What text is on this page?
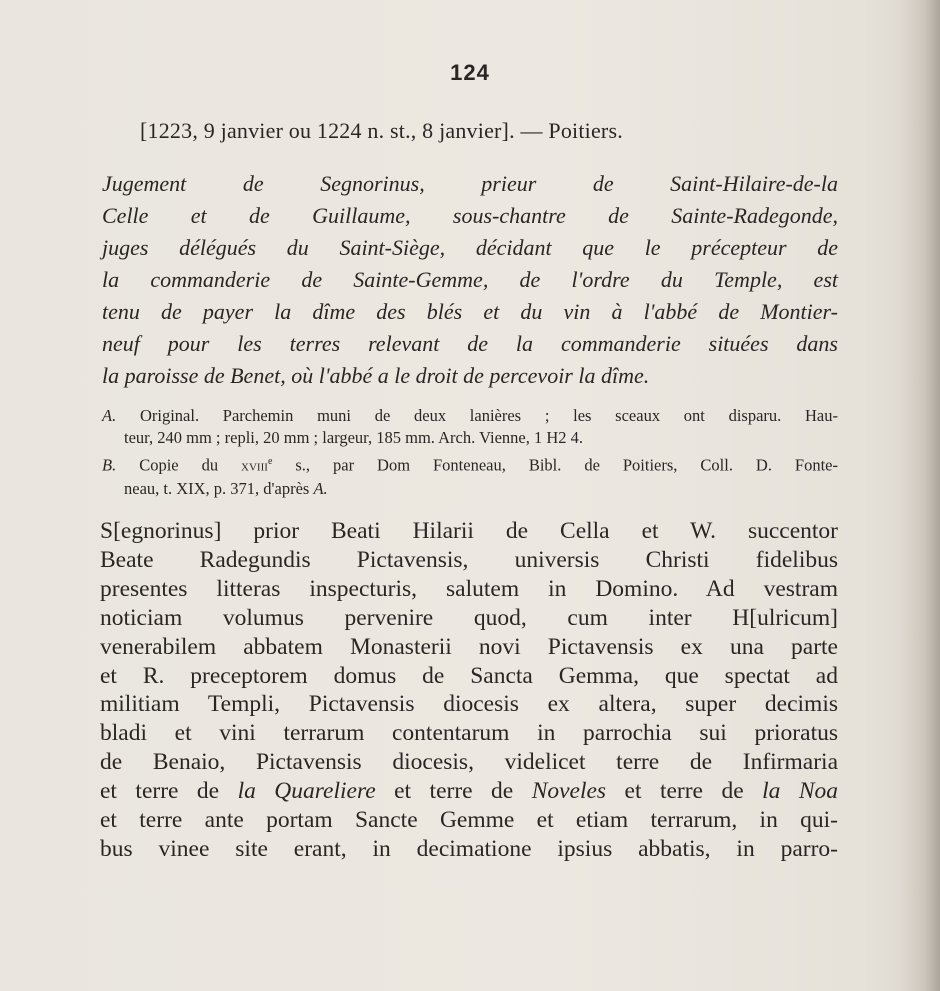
124
[1223, 9 janvier ou 1224 n. st., 8 janvier]. — Poitiers.
Jugement de Segnorinus, prieur de Saint-Hilaire-de-la
Celle et de Guillaume, sous-chantre de Sainte-Radegonde,
juges délégués du Saint-Siège, décidant que le précepteur de
la commanderie de Sainte-Gemme, de l'ordre du Temple, est
tenu de payer la dîme des blés et du vin à l'abbé de Montier-
neuf pour les terres relevant de la commanderie situées dans
la paroisse de Benet, où l'abbé a le droit de percevoir la dîme.
A. Original. Parchemin muni de deux lanières ; les sceaux ont disparu. Hau-
teur, 240 mm ; repli, 20 mm ; largeur, 185 mm. Arch. Vienne, 1 H2 4.
B. Copie du xviii$^e$ s., par Dom Fonteneau, Bibl. de Poitiers, Coll. D. Fonte-
neau, t. XIX, p. 371, d'après A.
S[egnorinus] prior Beati Hilarii de Cella et W. succentor
Beate Radegundis Pictavensis, universis Christi fidelibus
presentes litteras inspecturis, salutem in Domino. Ad vestram
noticiam volumus pervenire quod, cum inter H[ulricum]
venerabilem abbatem Monasterii novi Pictavensis ex una parte
et R. preceptorem domus de Sancta Gemma, que spectat ad
militiam Templi, Pictavensis diocesis ex altera, super decimis
bladi et vini terrarum contentarum in parrochia sui prioratus
de Benaio, Pictavensis diocesis, videlicet terre de Infirmaria
et terre de la Quareliere et terre de Noveles et terre de la Noa
et terre ante portam Sancte Gemme et etiam terrarum, in qui-
bus vinee site erant, in decimatione ipsius abbatis, in parro-
